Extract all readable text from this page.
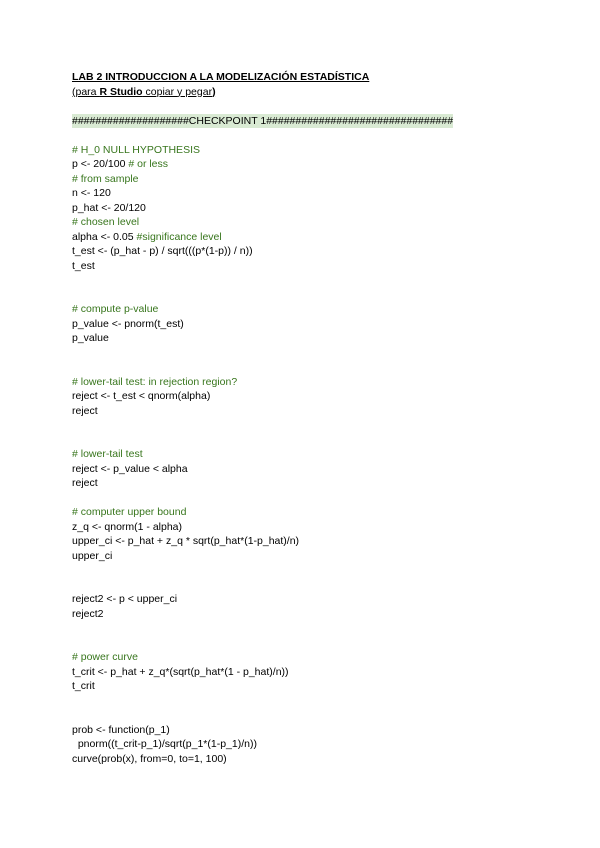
LAB 2 INTRODUCCION A LA MODELIZACIÓN ESTADÍSTICA
(para R Studio copiar y pegar)
####################CHECKPOINT 1################################
# H_0 NULL HYPOTHESIS
p <- 20/100 # or less
# from sample
n <- 120
p_hat <- 20/120
# chosen level
alpha <- 0.05 #significance level
t_est <- (p_hat - p) / sqrt(((p*(1-p)) / n))
t_est
# compute p-value
p_value <- pnorm(t_est)
p_value
# lower-tail test: in rejection region?
reject <- t_est < qnorm(alpha)
reject
# lower-tail test
reject <- p_value < alpha
reject
# computer upper bound
z_q <- qnorm(1 - alpha)
upper_ci <- p_hat + z_q * sqrt(p_hat*(1-p_hat)/n)
upper_ci
reject2 <- p < upper_ci
reject2
# power curve
t_crit <- p_hat + z_q*(sqrt(p_hat*(1 - p_hat)/n))
t_crit
prob <- function(p_1)
pnorm((t_crit-p_1)/sqrt(p_1*(1-p_1)/n))
curve(prob(x), from=0, to=1, 100)
